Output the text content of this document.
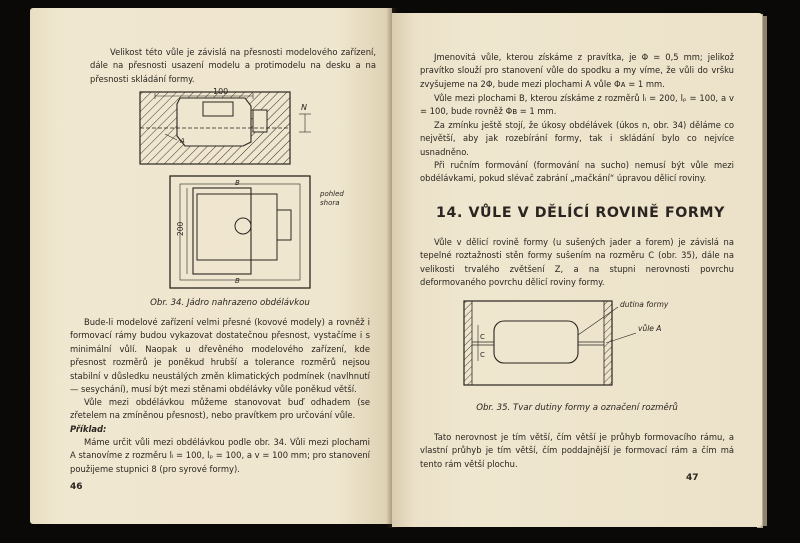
Velikost této vůle je závislá na přesnosti modelového zařízení, dále na přesnosti usazení modelu a protimodelu na desku a na přesnosti skládání formy.

100
N
A
200
B
B
pohled
shora
Obr. 34. Jádro nahrazeno obdélávkou

Bude-li modelové zařízení velmi přesné (kovové modely) a rovněž i formovací rámy budou vykazovat dostatečnou přesnost, vystačíme i s minimální vůlí. Naopak u dřevěného modelového zařízení, kde přesnost rozměrů je poněkud hrubší a tolerance rozměrů nejsou stabilní v důsledku neustálých změn klimatických podmínek (navlhnutí — sesychání), musí být mezi stěnami obdélávky vůle poněkud větší.

Vůle mezi obdélávkou můžeme stanovovat buď odhadem (se zřetelem na zmíněnou přesnost), nebo pravítkem pro určování vůle.

Příklad:

Máme určit vůli mezi obdélávkou podle obr. 34. Vůli mezi plochami A stanovíme z rozměru lₗ = 100, lₚ = 100, a v = 100 mm; pro stanovení použijeme stupnici 8 (pro syrové formy).

46

Jmenovitá vůle, kterou získáme z pravítka, je Φ = 0,5 mm; jelikož pravítko slouží pro stanovení vůle do spodku a my víme, že vůli do vršku zvyšujeme na 2Φ, bude mezi plochami A vůle Φᴀ = 1 mm.

Vůle mezi plochami B, kterou získáme z rozměrů lₗ = 200, lₚ = 100, a v = 100, bude rovněž Φʙ = 1 mm.

Za zmínku ještě stojí, že úkosy obdélávek (úkos n, obr. 34) děláme co největší, aby jak rozebírání formy, tak i skládání bylo co nejvíce usnadněno.

Při ručním formování (formování na sucho) nemusí být vůle mezi obdélávkami, pokud slévač zabrání „mačkání“ úpravou dělicí roviny.

14. VŮLE V DĚLÍCÍ ROVINĚ FORMY

Vůle v dělicí rovině formy (u sušených jader a forem) je závislá na tepelné roztažnosti stěn formy sušením na rozměru C (obr. 35), dále na velikosti trvalého zvětšení Z, a na stupni nerovnosti povrchu deformovaného povrchu dělicí roviny formy.

C
C
dutina formy
vůle A
Obr. 35. Tvar dutiny formy a označení rozměrů

Tato nerovnost je tím větší, čím větší je průhyb formovacího rámu, a vlastní průhyb je tím větší, čím poddajnější je formovací rám a čím má tento rám větší plochu.

47
